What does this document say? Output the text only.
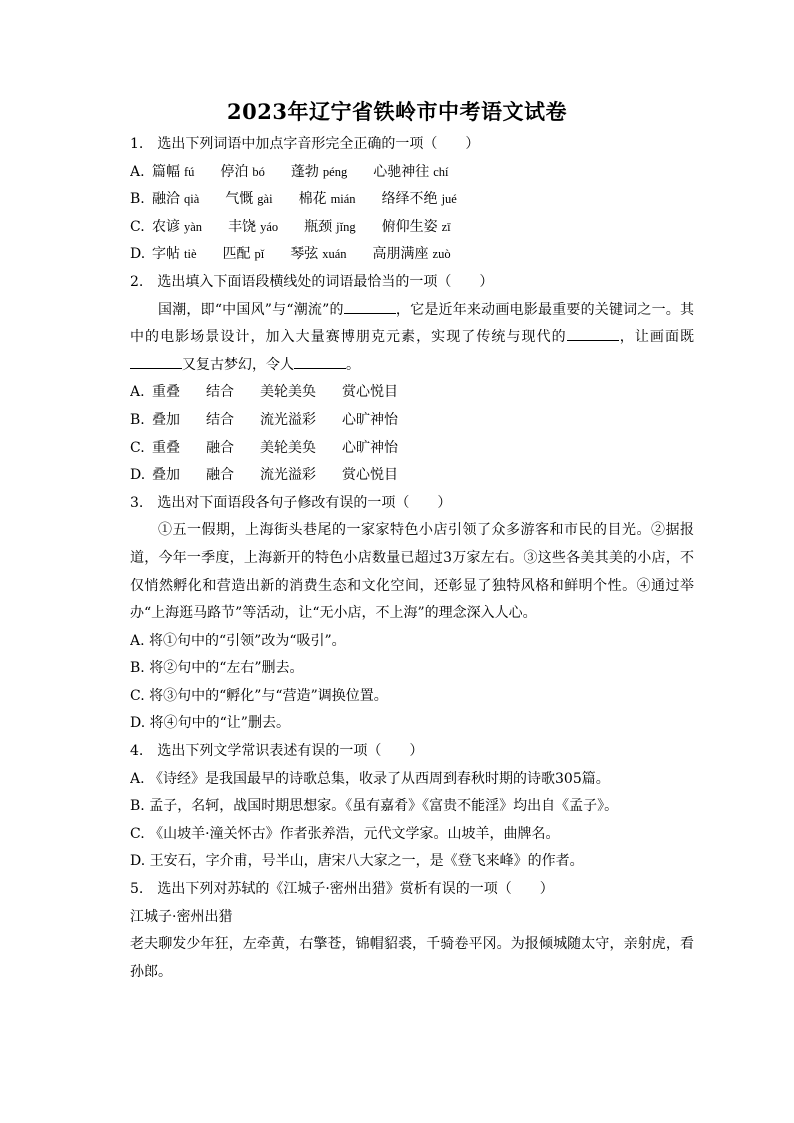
2023年辽宁省铁岭市中考语文试卷
1.　选出下列词语中加点字音形完全正确的一项（　　）
A. 篇幅 fú 停泊 bó 蓬勃 péng 心驰神往 chí
B. 融洽 qià 气慨 gài 棉花 mián 络绎不绝 jué
C. 农谚 yàn 丰饶 yáo 瓶颈 jǐng 俯仰生姿 zī
D. 字帖 tiè 匹配 pǐ 琴弦 xuán 高朋满座 zuò
2.　选出填入下面语段横线处的词语最恰当的一项（　　）
国潮，即“中国风”与“潮流”的	，它是近年来动画电影最重要的关键词之一。其中的电影场景设计，加入大量赛博朋克元素，实现了传统与现代的	，让画面既又复古梦幻，令人	。
A. 重叠 结合 美轮美奂 赏心悦目
B. 叠加 结合 流光溢彩 心旷神怡
C. 重叠 融合 美轮美奂 心旷神怡
D. 叠加 融合 流光溢彩 赏心悦目
3.　选出对下面语段各句子修改有误的一项（　　）
①五一假期，上海街头巷尾的一家家特色小店引领了众多游客和市民的目光。②据报道，今年一季度，上海新开的特色小店数量已超过3万家左右。③这些各美其美的小店，不仅悄然孵化和营造出新的消费生态和文化空间，还彰显了独特风格和鲜明个性。④通过举办“上海逛马路节”等活动，让“无小店，不上海”的理念深入人心。
A. 将①句中的“引领”改为“吸引”。
B. 将②句中的“左右”删去。
C. 将③句中的“孵化”与“营造”调换位置。
D. 将④句中的“让”删去。
4.　选出下列文学常识表述有误的一项（　　）
A. 《诗经》是我国最早的诗歌总集，收录了从西周到春秋时期的诗歌305篇。
B. 孟子，名轲，战国时期思想家。《虽有嘉肴》《富贵不能淫》均出自《孟子》。
C. 《山坡羊·潼关怀古》作者张养浩，元代文学家。山坡羊，曲牌名。
D. 王安石，字介甫，号半山，唐宋八大家之一，是《登飞来峰》的作者。
5.　选出下列对苏轼的《江城子·密州出猎》赏析有误的一项（　　）
江城子·密州出猎
老夫聊发少年狂，左牵黄，右擎苍，锦帽貂裘，千骑卷平冈。为报倾城随太守，亲射虎，看孙郎。
